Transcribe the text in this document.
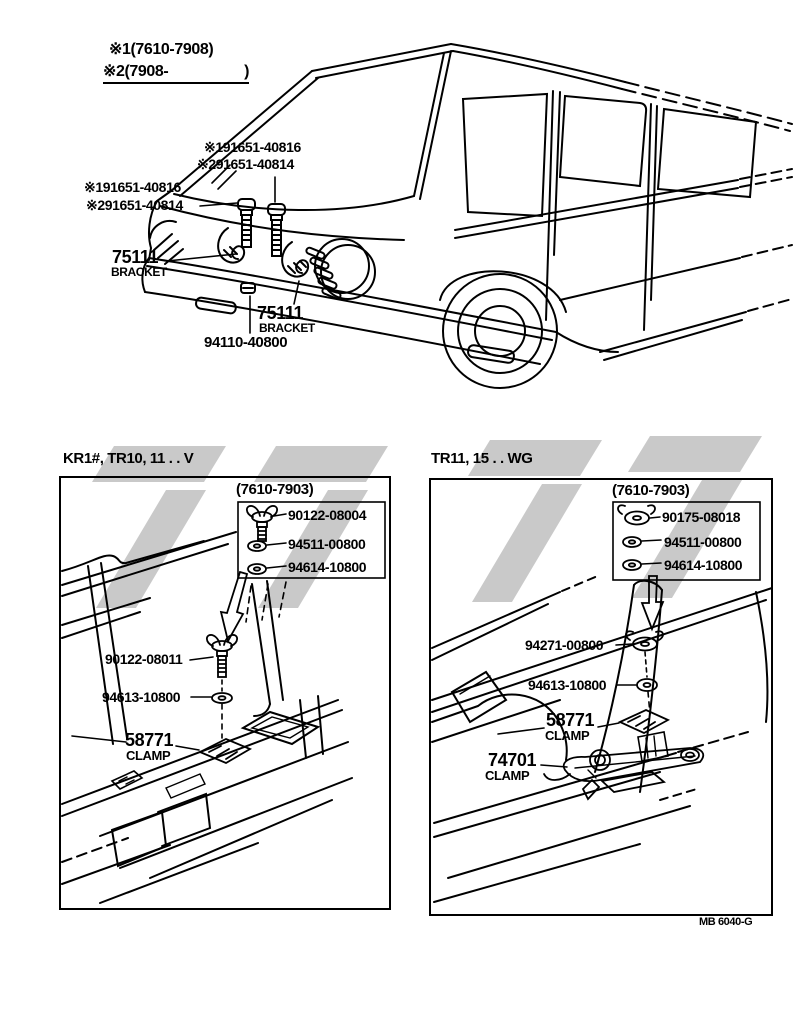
※1(7610-7908)
※2(7908-	)
※191651-40816
※291651-40814
※191651-40816
※291651-40814
75111
BRACKET
75111
BRACKET
94110-40800
KR1#, TR10, 11 . . V
(7610-7903)
90122-08004
94511-00800
94614-10800
90122-08011
94613-10800
58771
CLAMP
TR11, 15 . . WG
(7610-7903)
90175-08018
94511-00800
94614-10800
94271-00800
94613-10800
58771
CLAMP
74701
CLAMP
MB 6040-G
